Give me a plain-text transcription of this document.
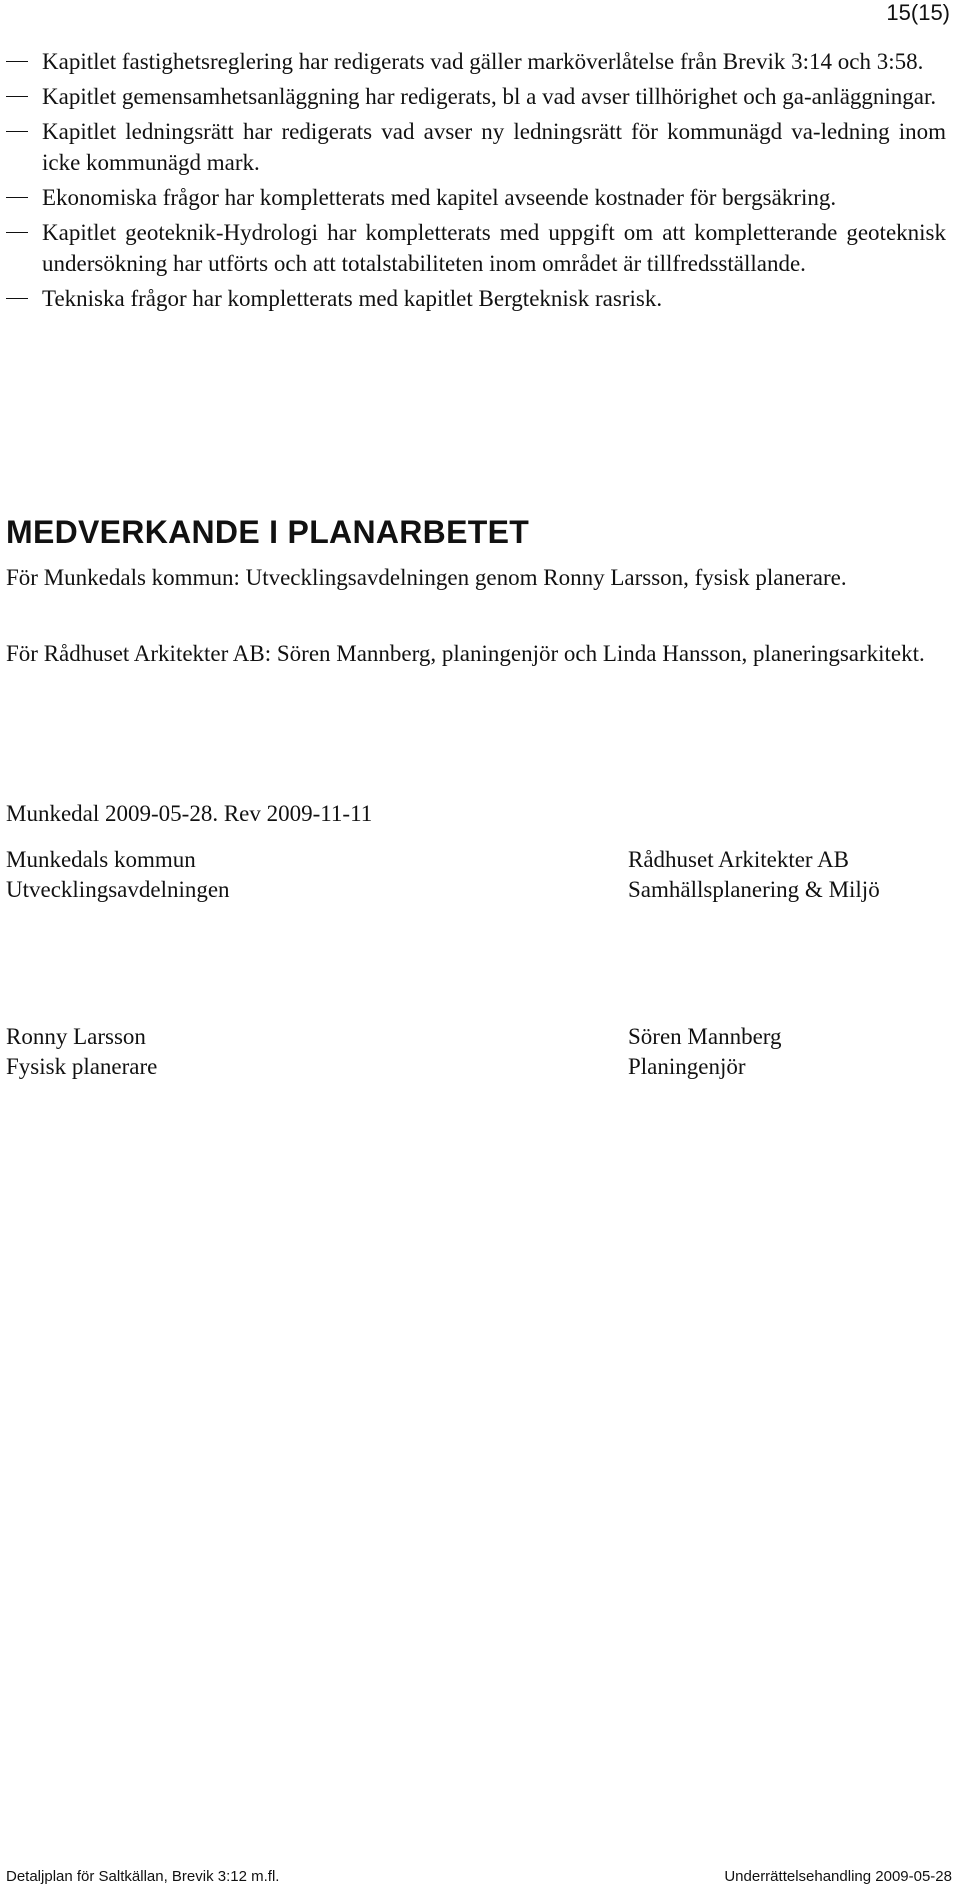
15(15)
Kapitlet fastighetsreglering har redigerats vad gäller marköverlåtelse från Brevik 3:14 och 3:58.
Kapitlet gemensamhetsanläggning har redigerats, bl a vad avser tillhörighet och ga-anläggningar.
Kapitlet ledningsrätt har redigerats vad avser ny ledningsrätt för kommunägd va-ledning inom icke kommunägd mark.
Ekonomiska frågor har kompletterats med kapitel avseende kostnader för bergsäkring.
Kapitlet geoteknik-Hydrologi har kompletterats med uppgift om att kompletterande geoteknisk undersökning har utförts och att totalstabiliteten inom området är tillfredsställande.
Tekniska frågor har kompletterats med kapitlet Bergteknisk rasrisk.
MEDVERKANDE I PLANARBETET

För Munkedals kommun: Utvecklingsavdelningen genom Ronny Larsson, fysisk planerare.

För Rådhuset Arkitekter AB: Sören Mannberg, planingenjör och Linda Hansson, planeringsarkitekt.

Munkedal 2009-05-28. Rev 2009-11-11

Munkedals kommun

Utvecklingsavdelningen

Rådhuset Arkitekter AB

Samhällsplanering & Miljö

Ronny Larsson

Fysisk planerare

Sören Mannberg

Planingenjör

Detaljplan för Saltkällan, Brevik 3:12 m.fl.	Underrättelsehandling 2009-05-28
